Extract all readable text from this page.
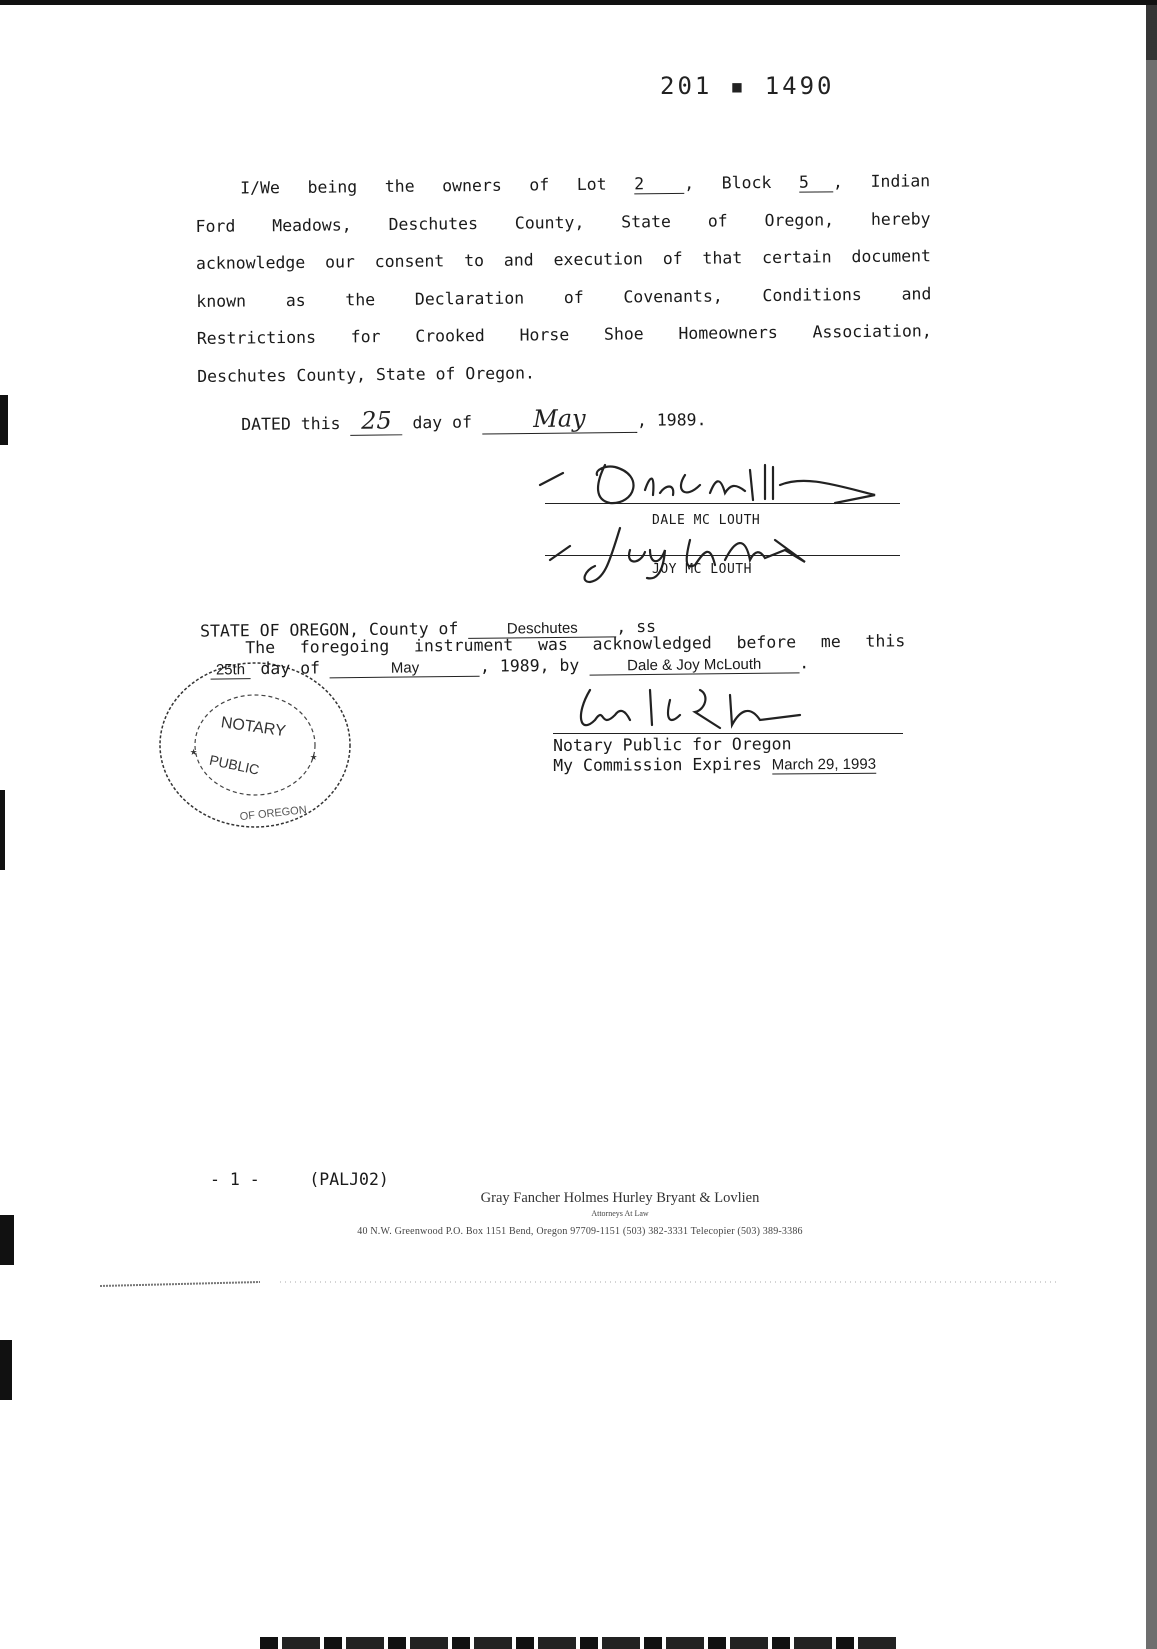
201 ▪ 1490
I/We being the owners of Lot 2 , Block 5 , Indian
Ford Meadows, Deschutes County, State of Oregon, hereby
acknowledge our consent to and execution of that certain document
known as the Declaration of Covenants, Conditions and
Restrictions for Crooked Horse Shoe Homeowners Association,
Deschutes County, State of Oregon.
DATED this 25 day of	May	, 1989.
DALE MC LOUTH
JOY MC LOUTH
NOTARY
PUBLIC
OF OREGON
★	★
STATE OF OREGON, County of	Deschutes , ss
The foregoing instrument was acknowledged before me this
25th day of	May	, 1989, by	Dale & Joy McLouth .
Notary Public for Oregon
My Commission Expires March 29, 1993
- 1 -	(PALJ02)
Gray Fancher Holmes Hurley Bryant & Lovlien
Attorneys At Law
40 N.W. Greenwood P.O. Box 1151 Bend, Oregon 97709-1151 (503) 382-3331 Telecopier (503) 389-3386
